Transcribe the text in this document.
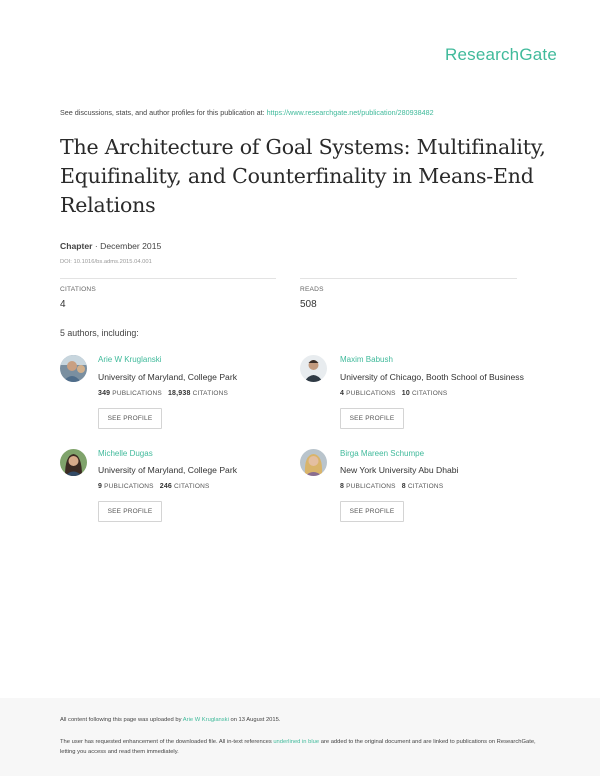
ResearchGate
See discussions, stats, and author profiles for this publication at: https://www.researchgate.net/publication/280938482
The Architecture of Goal Systems: Multifinality, Equifinality, and Counterfinality in Means-End Relations
Chapter · December 2015
DOI: 10.1016/bs.adms.2015.04.001
CITATIONS
4
READS
508
5 authors, including:
Arie W Kruglanski
University of Maryland, College Park
349 PUBLICATIONS 18,938 CITATIONS
SEE PROFILE
Maxim Babush
University of Chicago, Booth School of Business
4 PUBLICATIONS 10 CITATIONS
SEE PROFILE
Michelle Dugas
University of Maryland, College Park
9 PUBLICATIONS 246 CITATIONS
SEE PROFILE
Birga Mareen Schumpe
New York University Abu Dhabi
8 PUBLICATIONS 8 CITATIONS
SEE PROFILE
All content following this page was uploaded by Arie W Kruglanski on 13 August 2015.
The user has requested enhancement of the downloaded file. All in-text references underlined in blue are added to the original document and are linked to publications on ResearchGate, letting you access and read them immediately.
